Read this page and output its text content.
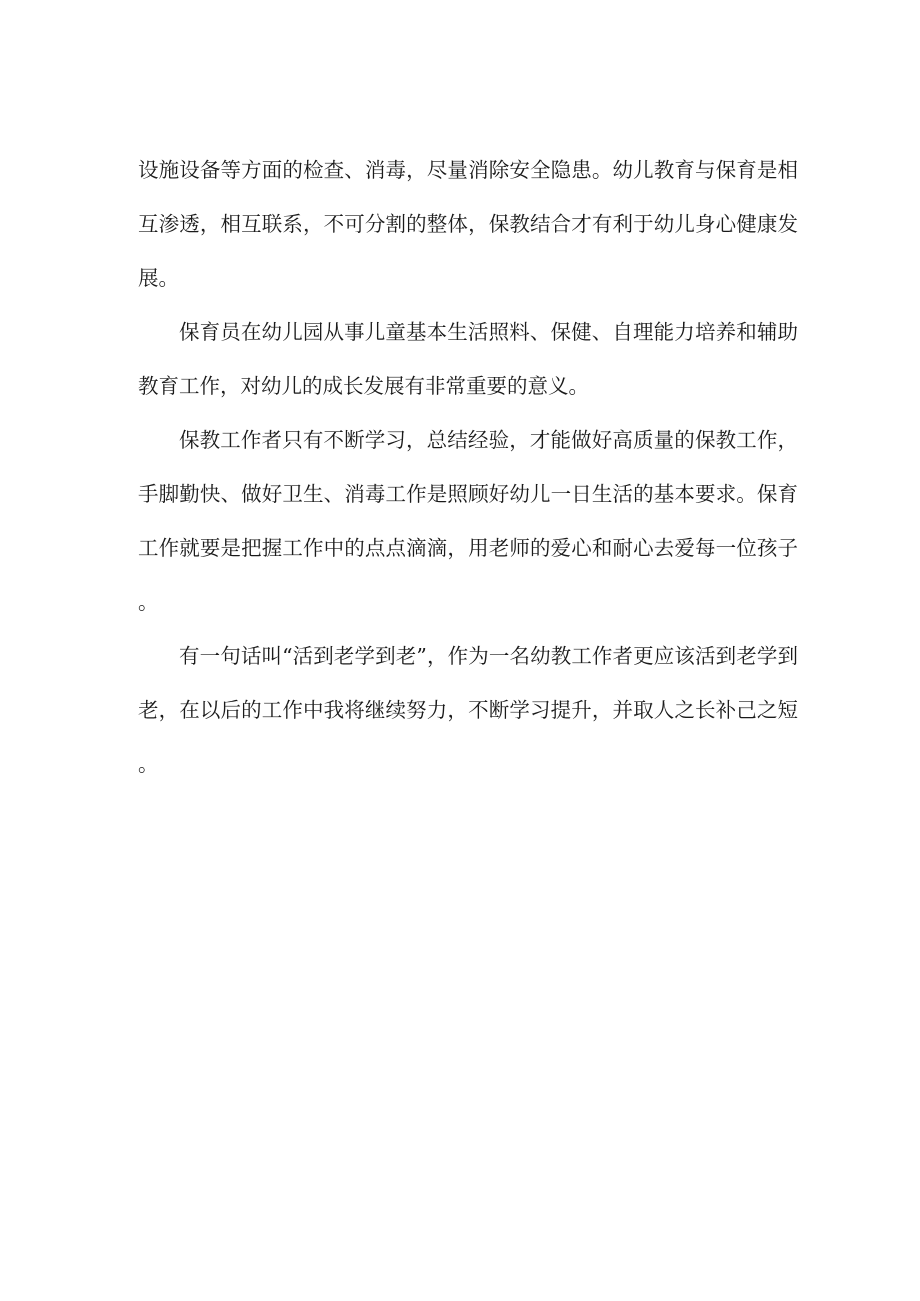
设施设备等方面的检查、消毒，尽量消除安全隐患。幼儿教育与保育是相互渗透，相互联系，不可分割的整体，保教结合才有利于幼儿身心健康发展。

保育员在幼儿园从事儿童基本生活照料、保健、自理能力培养和辅助教育工作，对幼儿的成长发展有非常重要的意义。

保教工作者只有不断学习，总结经验，才能做好高质量的保教工作，手脚勤快、做好卫生、消毒工作是照顾好幼儿一日生活的基本要求。保育工作就要是把握工作中的点点滴滴，用老师的爱心和耐心去爱每一位孩子。

有一句话叫“活到老学到老”，作为一名幼教工作者更应该活到老学到老，在以后的工作中我将继续努力，不断学习提升，并取人之长补己之短。
